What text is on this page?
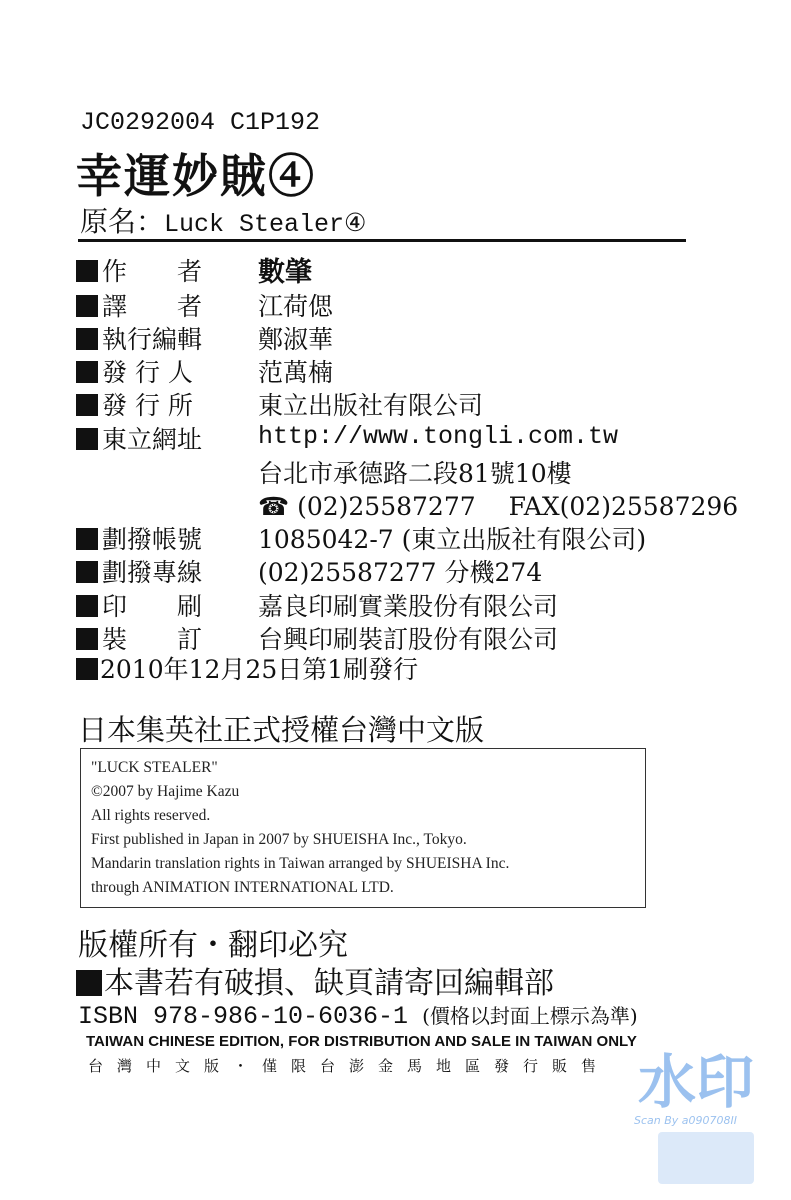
JC0292004 C1P192
幸運妙賊④
原名：Luck Stealer④
作　　者 數肇
譯　　者 江荷偲
執行編輯 鄭淑華
發 行 人	范萬楠
發 行 所	東立出版社有限公司
東立網址 http://www.tongli.com.tw
台北市承德路二段81號10樓
☎ (02)25587277　 FAX(02)25587296
劃撥帳號 1085042-7 (東立出版社有限公司)
劃撥專線 (02)25587277 分機274
印　　刷 嘉良印刷實業股份有限公司
裝　　訂 台興印刷裝訂股份有限公司
2010年12月25日第1刷發行
日本集英社正式授權台灣中文版
"LUCK STEALER"
©2007 by Hajime Kazu
All rights reserved.
First published in Japan in 2007 by SHUEISHA Inc., Tokyo.
Mandarin translation rights in Taiwan arranged by SHUEISHA Inc.
through ANIMATION INTERNATIONAL LTD.
版權所有・翻印必究
本書若有破損、缺頁請寄回編輯部
ISBN 978-986-10-6036-1 (價格以封面上標示為準)
TAIWAN CHINESE EDITION, FOR DISTRIBUTION AND SALE IN TAIWAN ONLY
台灣中文版・僅限台澎金馬地區發行販售 水印
Scan By a090708II
